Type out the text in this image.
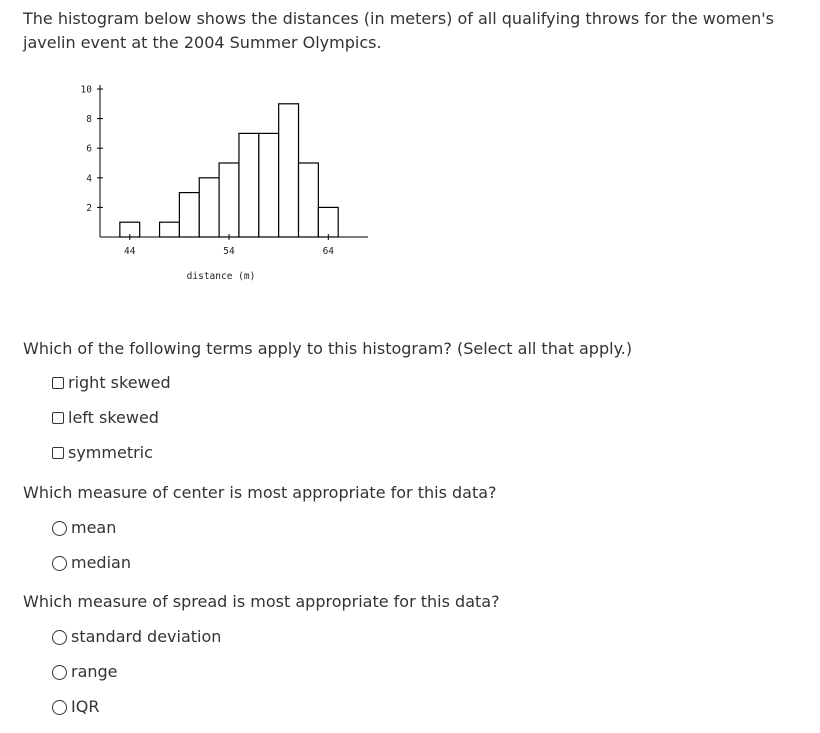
The histogram below shows the distances (in meters) of all qualifying throws for the women's javelin event at the 2004 Summer Olympics.

2
4
6
8
10
44	54	64
distance (m)

Which of the following terms apply to this histogram? (Select all that apply.)

right skewed
left skewed
symmetric

Which measure of center is most appropriate for this data?

mean
median

Which measure of spread is most appropriate for this data?

standard deviation
range
IQR
